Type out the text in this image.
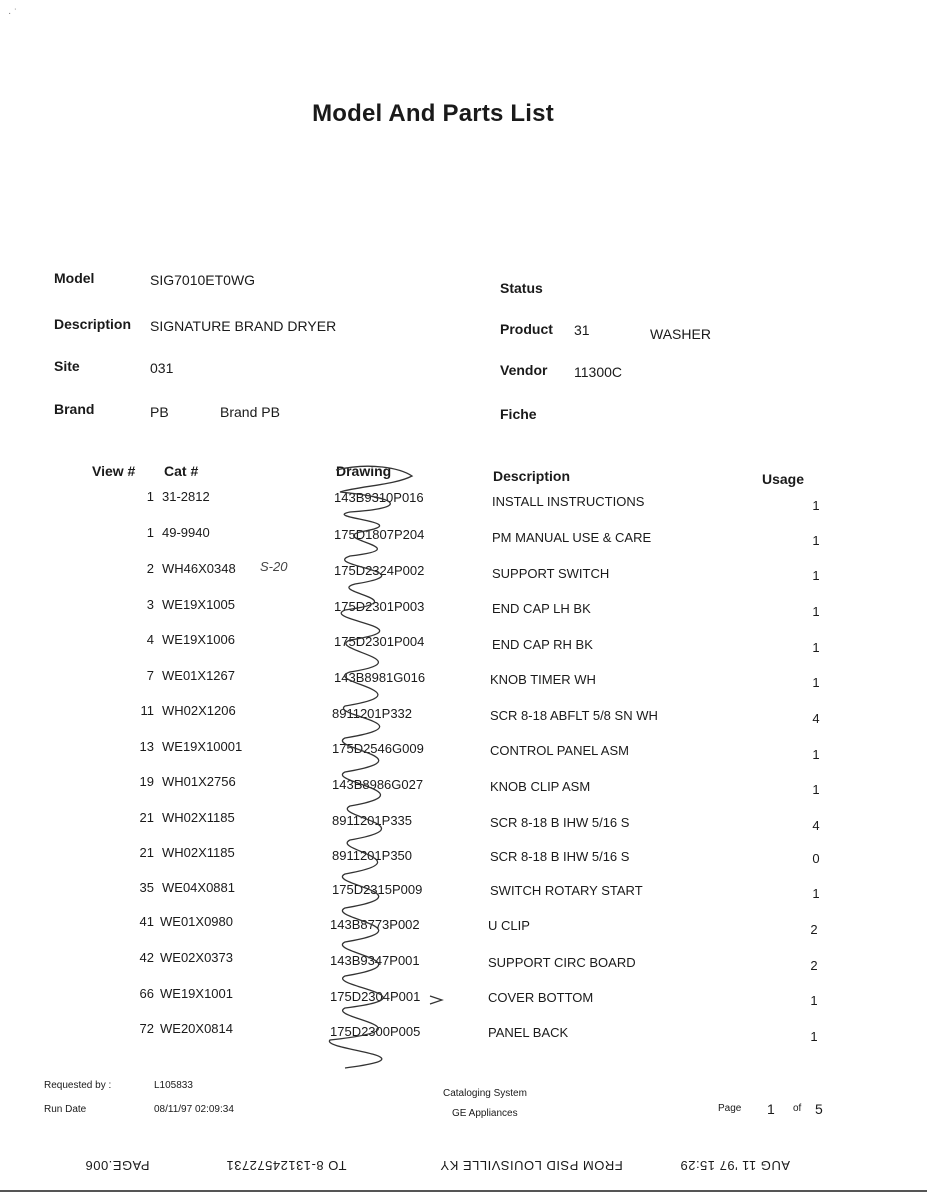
· ˙
Model And Parts List
Model	SIG7010ET0WG
Description SIGNATURE BRAND DRYER
Site	031
Brand	PB	Brand PB
Status
Product 31	WASHER
Vendor 11300C
Fiche
View # Cat #	Drawing	Description	Usage
1 31-2812	143B9310P016	INSTALL INSTRUCTIONS	1
1 49-9940	175D1807P204	PM MANUAL USE & CARE	1
2 WH46X0348 S-20	175D2324P002	SUPPORT SWITCH	1
3 WE19X1005	175D2301P003	END CAP LH BK	1
4 WE19X1006	175D2301P004	END CAP RH BK	1
7 WE01X1267	143B8981G016	KNOB TIMER WH	1
11 WH02X1206	8911201P332	SCR 8-18 ABFLT 5/8 SN WH	4
13 WE19X10001	175D2546G009	CONTROL PANEL ASM	1
19 WH01X2756	143B8986G027	KNOB CLIP ASM	1
21 WH02X1185	8911201P335	SCR 8-18 B IHW 5/16 S	4
21 WH02X1185	8911201P350	SCR 8-18 B IHW 5/16 S	0
35 WE04X0881	175D2315P009	SWITCH ROTARY START	1
41 WE01X0980	143B8773P002	U CLIP	2
42 WE02X0373	143B9347P001	SUPPORT CIRC BOARD	2
66 WE19X1001	175D2304P001	COVER BOTTOM	1
72 WE20X0814	175D2300P005	PANEL BACK	1
Requested by :	L105833
Run Date	08/11/97 02:09:34
Cataloging System
GE Appliances	Page 1 of 5
PAGE.006	TO 8-13124572731	FROM PSID LOUISVILLE KY	AUG 11 '97 15:29
